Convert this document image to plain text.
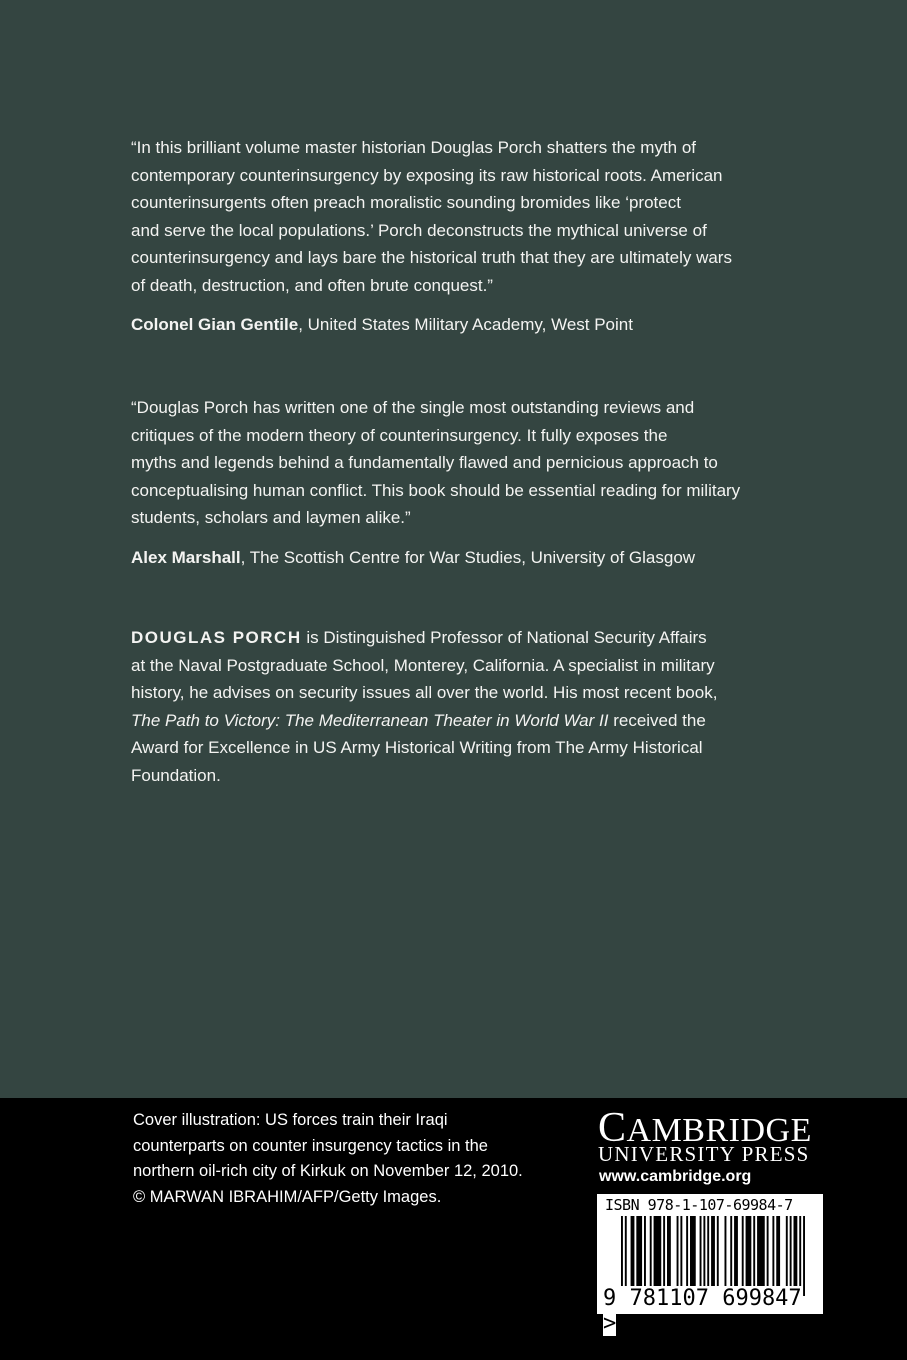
“In this brilliant volume master historian Douglas Porch shatters the myth of
contemporary counterinsurgency by exposing its raw historical roots. American
counterinsurgents often preach moralistic sounding bromides like ‘protect
and serve the local populations.’ Porch deconstructs the mythical universe of
counterinsurgency and lays bare the historical truth that they are ultimately wars
of death, destruction, and often brute conquest.”
Colonel Gian Gentile, United States Military Academy, West Point
“Douglas Porch has written one of the single most outstanding reviews and
critiques of the modern theory of counterinsurgency. It fully exposes the
myths and legends behind a fundamentally flawed and pernicious approach to
conceptualising human conflict. This book should be essential reading for military
students, scholars and laymen alike.”
Alex Marshall, The Scottish Centre for War Studies, University of Glasgow
DOUGLAS PORCH is Distinguished Professor of National Security Affairs
at the Naval Postgraduate School, Monterey, California. A specialist in military
history, he advises on security issues all over the world. His most recent book,
The Path to Victory: The Mediterranean Theater in World War II received the
Award for Excellence in US Army Historical Writing from The Army Historical
Foundation.
Cover illustration: US forces train their Iraqi
counterparts on counter insurgency tactics in the
northern oil-rich city of Kirkuk on November 12, 2010.
© MARWAN IBRAHIM/AFP/Getty Images.
CAMBRIDGE
UNIVERSITY PRESS
www.cambridge.org
ISBN 978-1-107-69984-7
9 781107 699847 >
